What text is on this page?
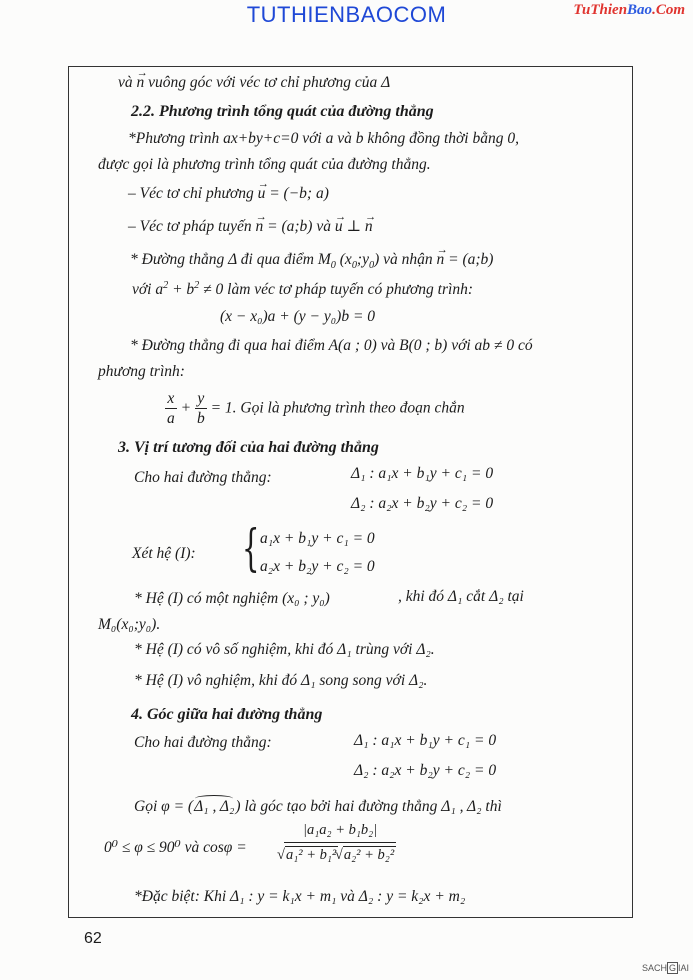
TUTHIENBAOCOM	TuThienBao.Com
và → n vuông góc với véc tơ chỉ phương của Δ
2.2. Phương trình tổng quát của đường thẳng
*Phương trình ax+by+c=0 với a và b không đồng thời bằng 0,
được gọi là phương trình tổng quát của đường thẳng.
– Véc tơ chỉ phương → u = (−b; a)
– Véc tơ pháp tuyến → n = (a;b) và → u ⊥ → n
* Đường thẳng Δ đi qua điểm $M_0$ $(x_0;y_0)$ và nhận → n = (a;b)
với $a^2 + b^2 \ne 0$ làm véc tơ pháp tuyến có phương trình:
(x − x₀)a + (y − y₀)b = 0
* Đường thẳng đi qua hai điểm A(a ; 0) và B(0 ; b) với ab ≠ 0 có
phương trình:
$\frac{x}{a} + \frac{y}{b} = 1$. Gọi là phương trình theo đoạn chắn
3. Vị trí tương đối của hai đường thẳng
Cho hai đường thẳng:	Δ₁ : a₁x + b₁y + c₁ = 0
Δ₂ : a₂x + b₂y + c₂ = 0
Xét hệ (I): { a₁x + b₁y + c₁ = 0
a₂x + b₂y + c₂ = 0
* Hệ (I) có một nghiệm (x₀ ; y₀)	, khi đó Δ₁ cắt Δ₂ tại
M₀(x₀;y₀).
* Hệ (I) có vô số nghiệm, khi đó Δ₁ trùng với Δ₂.
* Hệ (I) vô nghiệm, khi đó Δ₁ song song với Δ₂.
4. Góc giữa hai đường thẳng
Cho hai đường thẳng:	Δ₁ : a₁x + b₁y + c₁ = 0
Δ₂ : a₂x + b₂y + c₂ = 0
Gọi φ = (Δ₁ , Δ₂) là góc tạo bởi hai đường thẳng Δ₁ , Δ₂ thì
0⁰ ≤ φ ≤ 90⁰ và cosφ =	|a₁a₂ + b₁b₂|
√ a₁² + b₁² √ a₂² + b₂²
*Đặc biệt: Khi Δ₁ : y = k₁x + m₁ và Δ₂ : y = k₂x + m₂
62
SACH G IAI
